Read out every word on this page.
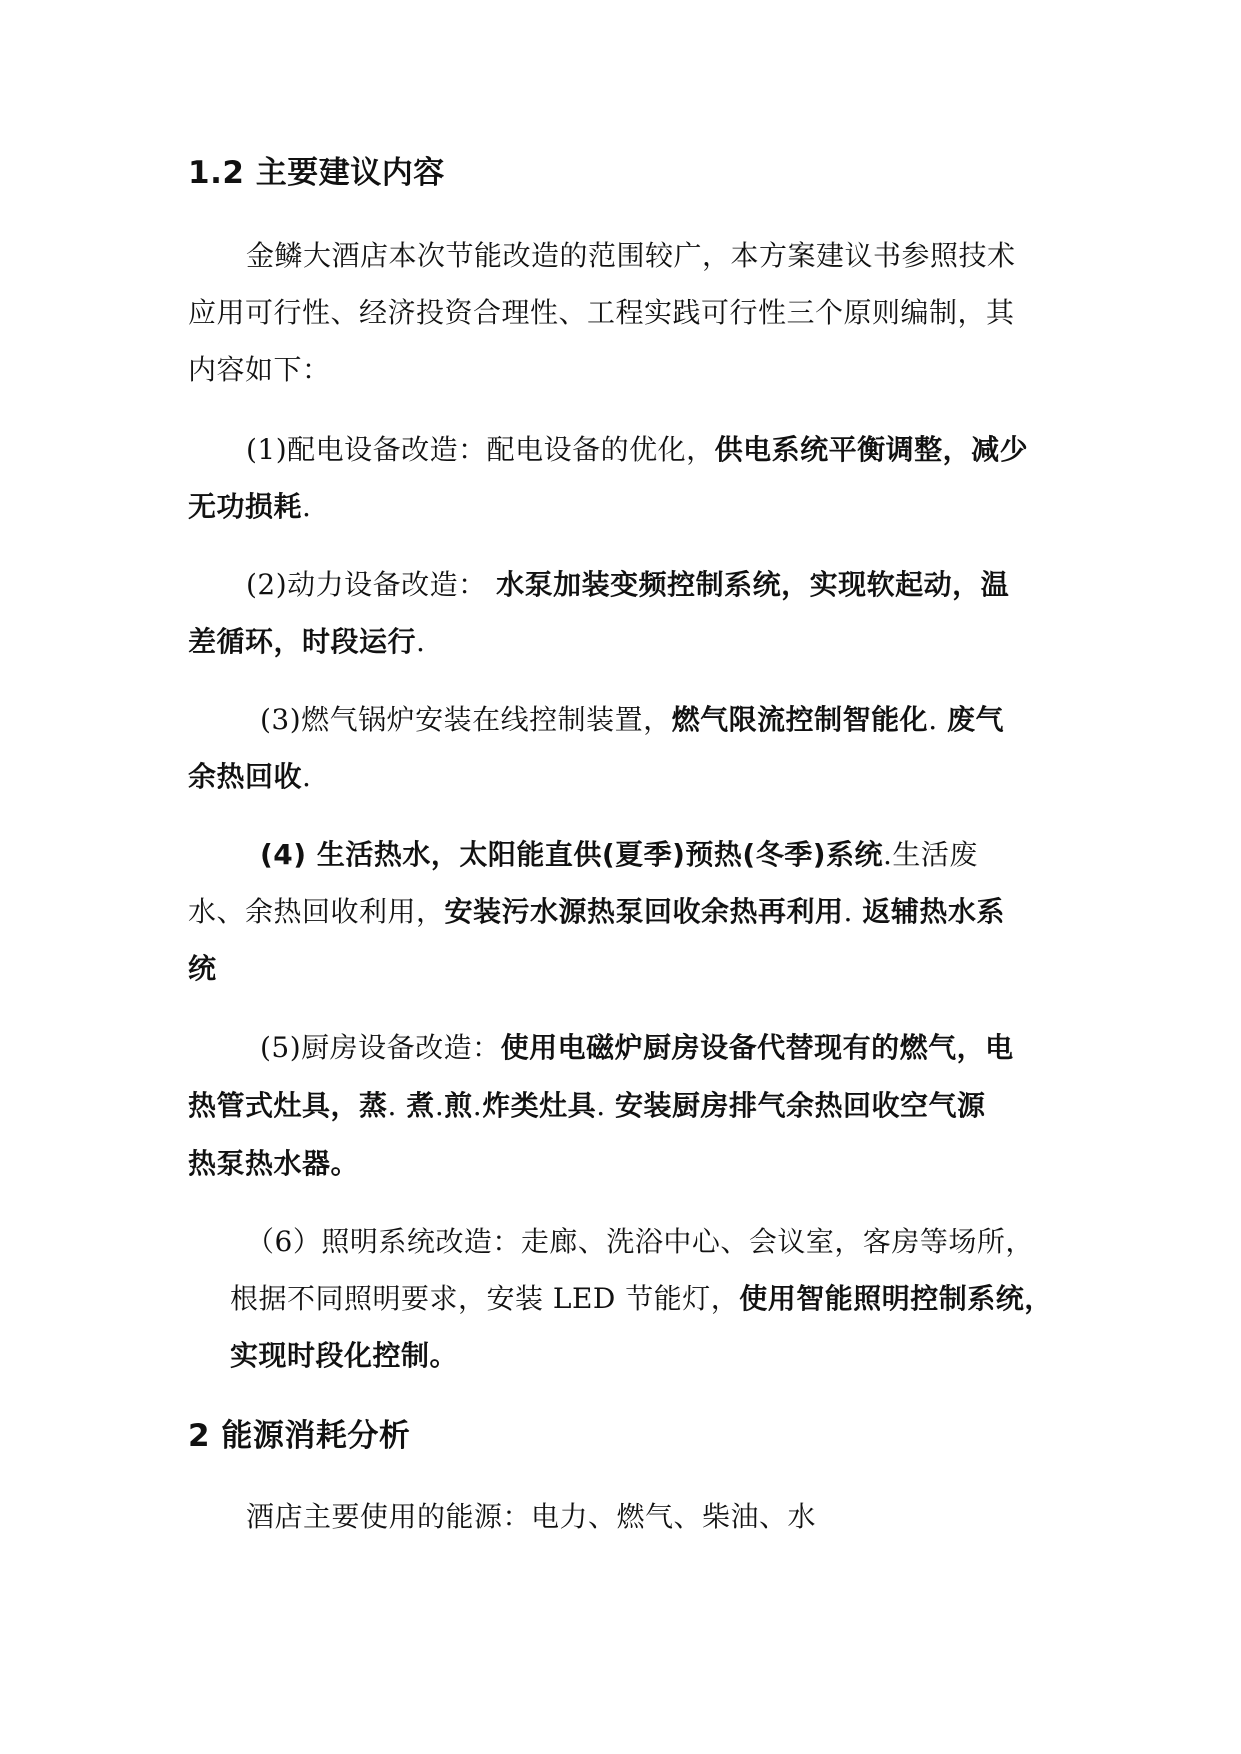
1.2 主要建议内容
金鳞大酒店本次节能改造的范围较广，本方案建议书参照技术
应用可行性、经济投资合理性、工程实践可行性三个原则编制，其
内容如下：
(1)配电设备改造：配电设备的优化，供电系统平衡调整，减少
无功损耗.
(2)动力设备改造： 水泵加装变频控制系统，实现软起动，温
差循环，时段运行.
(3)燃气锅炉安装在线控制装置，燃气限流控制智能化. 废气
余热回收.
(4) 生活热水，太阳能直供(夏季)预热(冬季)系统.生活废
水、余热回收利用，安装污水源热泵回收余热再利用. 返辅热水系
统
(5)厨房设备改造：使用电磁炉厨房设备代替现有的燃气，电
热管式灶具，蒸. 煮.煎.炸类灶具. 安装厨房排气余热回收空气源
热泵热水器。
（6）照明系统改造：走廊、洗浴中心、会议室，客房等场所，
根据不同照明要求，安装 LED 节能灯，使用智能照明控制系统，
实现时段化控制。
2 能源消耗分析
酒店主要使用的能源：电力、燃气、柴油、水
